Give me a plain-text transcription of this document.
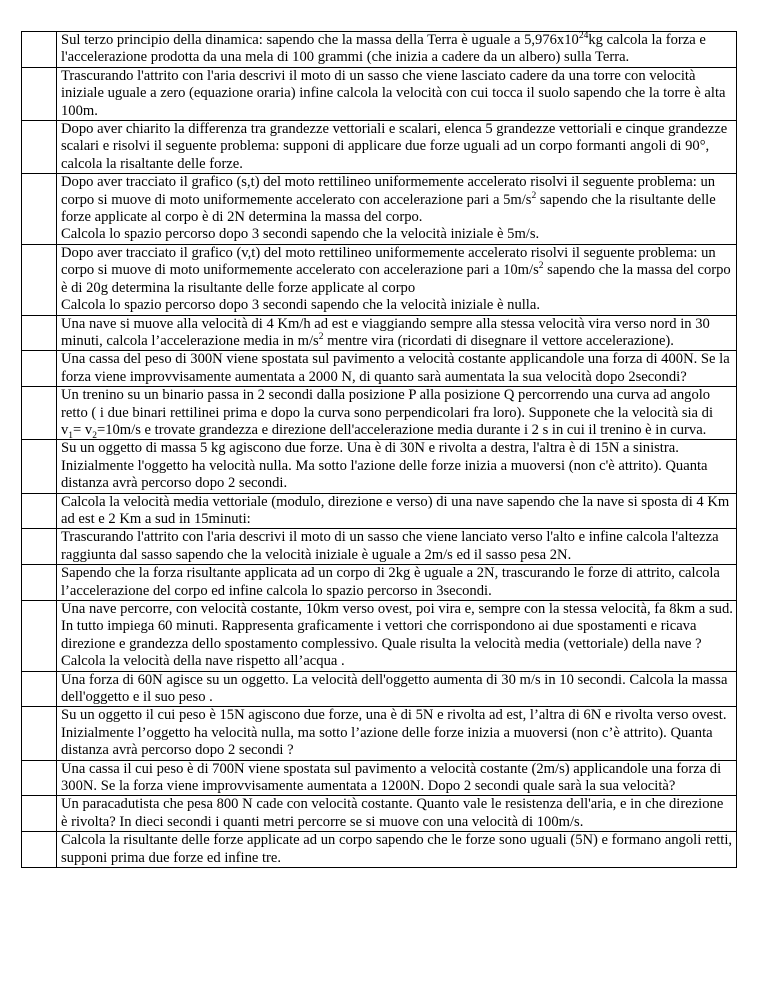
	Sul terzo principio della dinamica: sapendo che la massa della Terra è uguale a $5,976x10^{24}kg$ calcola la forza e l'accelerazione prodotta da una mela di 100 grammi (che inizia a cadere da un albero) sulla Terra.
	Trascurando l'attrito con l'aria descrivi il moto di un sasso che viene lasciato cadere da una torre con velocità iniziale uguale a zero (equazione oraria) infine calcola la velocità con cui tocca il suolo sapendo che la torre è alta 100m.
	Dopo aver chiarito la differenza tra grandezze vettoriali e scalari, elenca 5 grandezze vettoriali e cinque grandezze scalari e risolvi il seguente problema: supponi di applicare due forze uguali ad un corpo formanti angoli di 90°, calcola la risaltante delle forze.
	Dopo aver tracciato il grafico (s,t) del moto rettilineo uniformemente accelerato risolvi il seguente problema: un corpo si muove di moto uniformemente accelerato con accelerazione pari a $5m/s^2$ sapendo che la risultante delle forze applicate al corpo è di 2N determina la massa del corpo.
Calcola lo spazio percorso dopo 3 secondi sapendo che la velocità iniziale è 5m/s.
	Dopo aver tracciato il grafico (v,t) del moto rettilineo uniformemente accelerato risolvi il seguente problema: un corpo si muove di moto uniformemente accelerato con accelerazione pari a $10m/s^2$ sapendo che la massa del corpo è di 20g determina la risultante delle forze applicate al corpo
Calcola lo spazio percorso dopo 3 secondi sapendo che la velocità iniziale è nulla.
	Una nave si muove alla velocità di 4 Km/h ad est e viaggiando sempre alla stessa velocità vira verso nord in 30 minuti, calcola l’accelerazione media in $m/s^2$ mentre vira (ricordati di disegnare il vettore accelerazione).
	Una cassa del peso di 300N viene spostata sul pavimento a velocità costante applicandole una forza di 400N. Se la forza viene improvvisamente aumentata a 2000 N, di quanto sarà aumentata la sua velocità dopo 2secondi?
	Un trenino su un binario passa in 2 secondi dalla posizione P alla posizione Q percorrendo una curva ad angolo retto ( i due binari rettilinei prima e dopo la curva sono perpendicolari fra loro). Supponete che la velocità sia di $v_1= v_2=10m/s$ e trovate grandezza e direzione dell'accelerazione media durante i 2 s in cui il trenino è in curva.
	Su un oggetto di massa 5 kg agiscono due forze. Una è di 30N e rivolta a destra, l'altra è di 15N a sinistra. Inizialmente l'oggetto ha velocità nulla. Ma sotto l'azione delle forze inizia a muoversi (non c'è attrito). Quanta distanza avrà percorso dopo 2 secondi.
	Calcola la velocità media vettoriale (modulo, direzione e verso) di una nave sapendo che la nave si sposta di 4 Km ad est e 2 Km a sud in 15minuti:
	Trascurando l'attrito con l'aria descrivi il moto di un sasso che viene lanciato verso l'alto e infine calcola l'altezza raggiunta dal sasso sapendo che la velocità iniziale è uguale a 2m/s ed il sasso pesa 2N.
	Sapendo che la forza risultante applicata ad un corpo di 2kg è uguale a 2N, trascurando le forze di attrito, calcola l’accelerazione del corpo ed infine calcola lo spazio percorso in 3secondi.
	Una nave percorre, con velocità costante, 10km verso ovest, poi vira e, sempre con la stessa velocità, fa 8km a sud. In tutto impiega 60 minuti. Rappresenta graficamente i vettori che corrispondono ai due spostamenti e ricava direzione e grandezza dello spostamento complessivo. Quale risulta la velocità media (vettoriale) della nave ? Calcola la velocità della nave rispetto all’acqua .
	Una forza di 60N agisce su un oggetto. La velocità dell'oggetto aumenta di 30 m/s in 10 secondi. Calcola la massa dell'oggetto e il suo peso .
	Su un oggetto il cui peso è 15N agiscono due forze, una è di 5N e rivolta ad est, l’altra di 6N e rivolta verso ovest. Inizialmente l’oggetto ha velocità nulla, ma sotto l’azione delle forze inizia a muoversi (non c’è attrito). Quanta distanza avrà percorso dopo 2 secondi ?
	Una cassa il cui peso è di 700N viene spostata sul pavimento a velocità costante (2m/s) applicandole una forza di 300N. Se la forza viene improvvisamente aumentata a 1200N. Dopo 2 secondi quale sarà la sua velocità?
	Un paracadutista che pesa 800 N cade con velocità costante. Quanto vale le resistenza dell'aria, e in che direzione è rivolta? In dieci secondi i quanti metri percorre se si muove con una velocità di 100m/s.
	Calcola la risultante delle forze applicate ad un corpo sapendo che le forze sono uguali (5N) e formano angoli retti, supponi prima due forze ed infine tre.
